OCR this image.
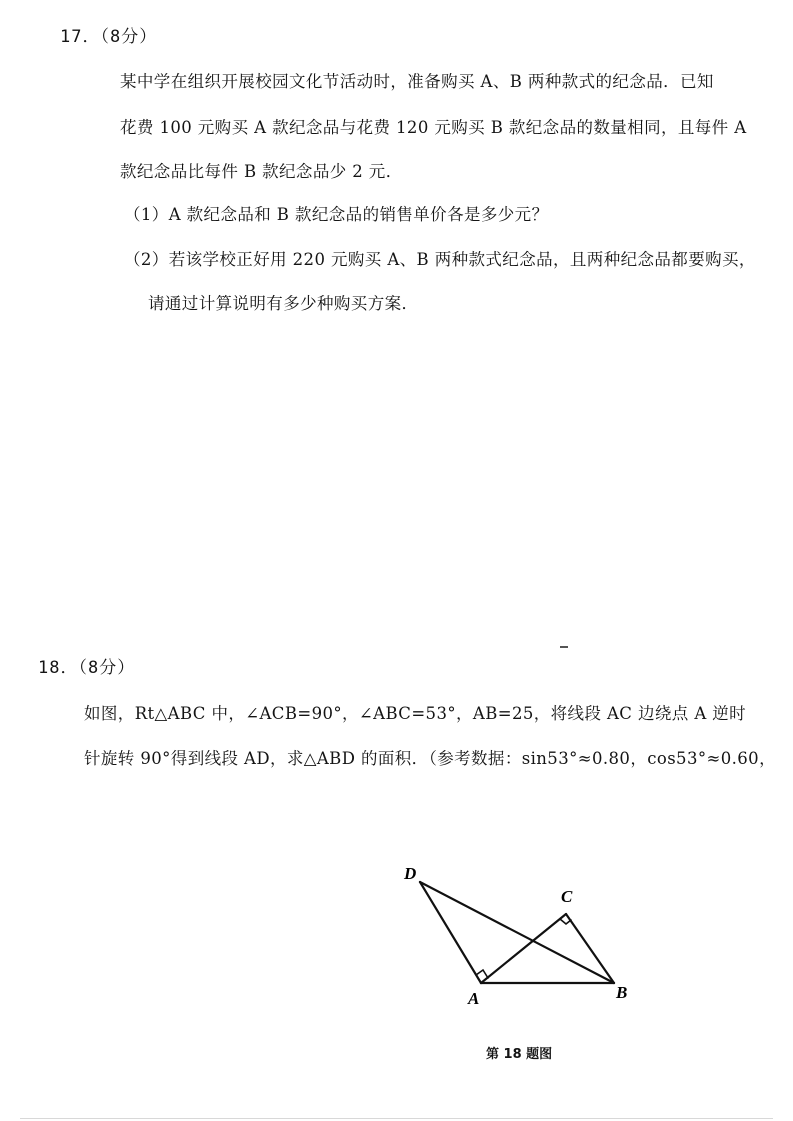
17．（8分）
某中学在组织开展校园文化节活动时，准备购买 A、B 两种款式的纪念品．已知
花费 100 元购买 A 款纪念品与花费 120 元购买 B 款纪念品的数量相同，且每件 A
款纪念品比每件 B 款纪念品少 2 元．
（1）A 款纪念品和 B 款纪念品的销售单价各是多少元？
（2）若该学校正好用 220 元购买 A、B 两种款式纪念品，且两种纪念品都要购买，
请通过计算说明有多少种购买方案．
18．（8分）
如图，Rt△ABC 中，∠ACB=90°，∠ABC=53°，AB=25，将线段 AC 边绕点 A 逆时
针旋转 90°得到线段 AD，求△ABD 的面积．（参考数据：sin53°≈0.80，cos53°≈0.60，
D
C
A	B
第 18 题图
